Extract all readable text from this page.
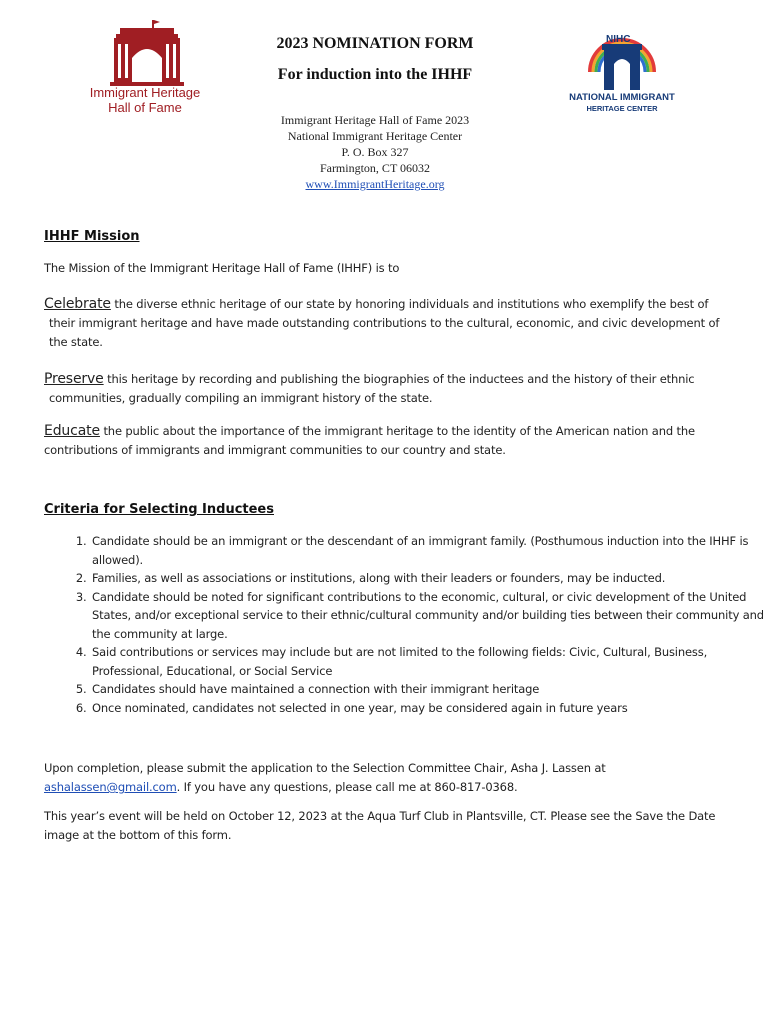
Immigrant Heritage
Hall of Fame
NIHC
NATIONAL IMMIGRANT
HERITAGE CENTER
2023 NOMINATION FORM
For induction into the IHHF
Immigrant Heritage Hall of Fame 2023
National Immigrant Heritage Center
P. O. Box 327
Farmington, CT 06032
www.ImmigrantHeritage.org
IHHF Mission
The Mission of the Immigrant Heritage Hall of Fame (IHHF) is to
Celebrate the diverse ethnic heritage of our state by honoring individuals and institutions who exemplify the best of
their immigrant heritage and have made outstanding contributions to the cultural, economic, and civic development of the state.
Preserve this heritage by recording and publishing the biographies of the inductees and the history of their ethnic
communities, gradually compiling an immigrant history of the state.
Educate the public about the importance of the immigrant heritage to the identity of the American nation and the
contributions of immigrants and immigrant communities to our country and state.
Criteria for Selecting Inductees
1. Candidate should be an immigrant or the descendant of an immigrant family. (Posthumous induction into the IHHF is allowed).
2. Families, as well as associations or institutions, along with their leaders or founders, may be inducted.
3. Candidate should be noted for significant contributions to the economic, cultural, or civic development of the United States, and/or exceptional service to their ethnic/cultural community and/or building ties between their community and the community at large.
4. Said contributions or services may include but are not limited to the following fields: Civic, Cultural, Business, Professional, Educational, or Social Service
5. Candidates should have maintained a connection with their immigrant heritage
6. Once nominated, candidates not selected in one year, may be considered again in future years
Upon completion, please submit the application to the Selection Committee Chair, Asha J. Lassen at
ashalassen@gmail.com. If you have any questions, please call me at 860-817-0368.
This year’s event will be held on October 12, 2023 at the Aqua Turf Club in Plantsville, CT. Please see the Save the Date image at the bottom of this form.
